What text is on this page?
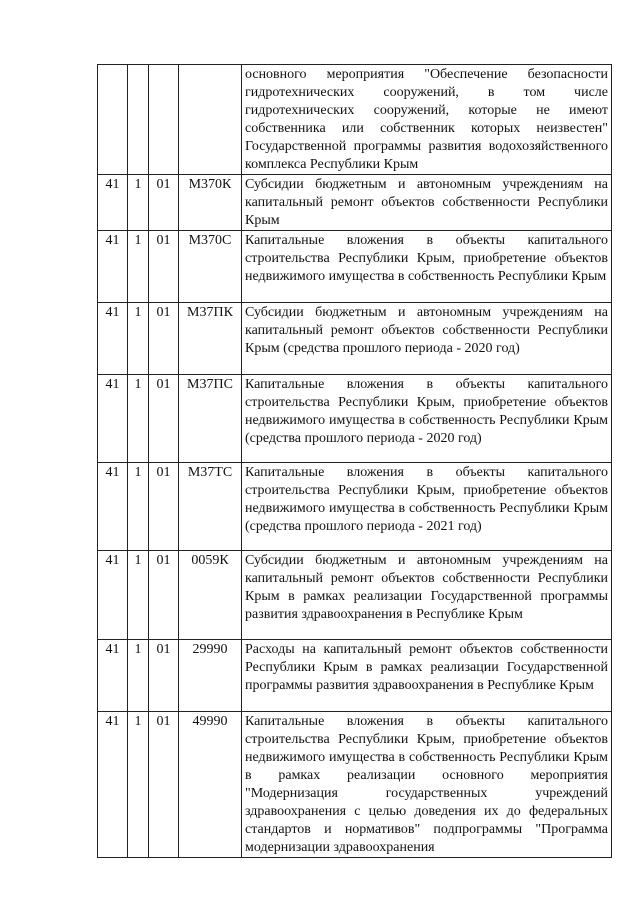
				основного мероприятия "Обеспечение безопасности гидротехнических сооружений, в том числе гидротехнических сооружений, которые не имеют собственника или собственник которых неизвестен" Государственной программы развития водохозяйственного комплекса Республики Крым
41	1	01	М370К	Субсидии бюджетным и автономным учреждениям на капитальный ремонт объектов собственности Республики Крым
41	1	01	М370С	Капитальные вложения в объекты капитального строительства Республики Крым, приобретение объектов недвижимого имущества в собственность Республики Крым
41	1	01	М37ПК	Субсидии бюджетным и автономным учреждениям на капитальный ремонт объектов собственности Республики Крым (средства прошлого периода - 2020 год)
41	1	01	М37ПС	Капитальные вложения в объекты капитального строительства Республики Крым, приобретение объектов недвижимого имущества в собственность Республики Крым (средства прошлого периода - 2020 год)
41	1	01	М37ТС	Капитальные вложения в объекты капитального строительства Республики Крым, приобретение объектов недвижимого имущества в собственность Республики Крым (средства прошлого периода - 2021 год)
41	1	01	0059К	Субсидии бюджетным и автономным учреждениям на капитальный ремонт объектов собственности Республики Крым в рамках реализации Государственной программы развития здравоохранения в Республике Крым
41	1	01	29990	Расходы на капитальный ремонт объектов собственности Республики Крым в рамках реализации Государственной программы развития здравоохранения в Республике Крым
41	1	01	49990	Капитальные вложения в объекты капитального строительства Республики Крым, приобретение объектов недвижимого имущества в собственность Республики Крым в рамках реализации основного мероприятия "Модернизация государственных учреждений здравоохранения с целью доведения их до федеральных стандартов и нормативов" подпрограммы "Программа модернизации здравоохранения
